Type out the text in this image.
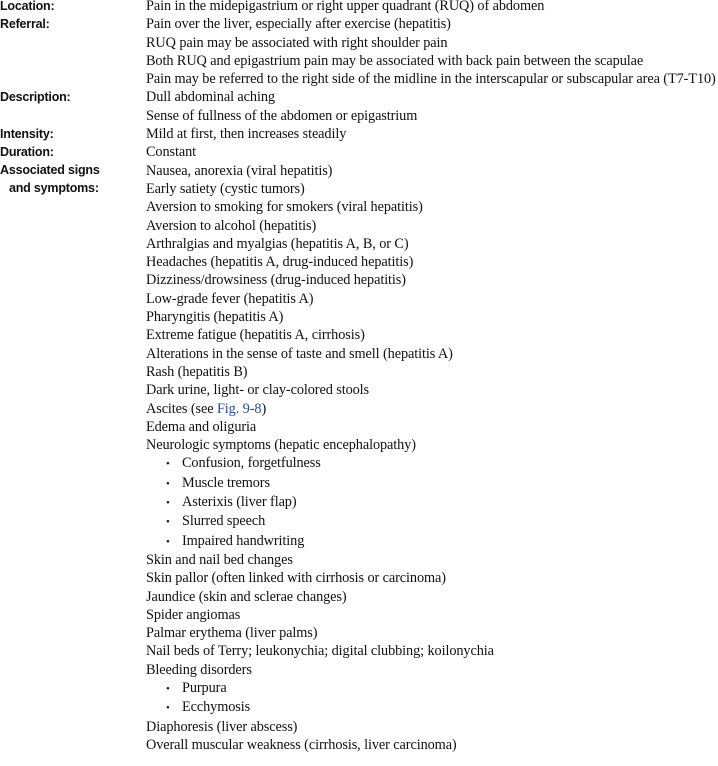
Location:	Pain in the midepigastrium or right upper quadrant (RUQ) of abdomen
Referral:	Pain over the liver, especially after exercise (hepatitis)
RUQ pain may be associated with right shoulder pain
Both RUQ and epigastrium pain may be associated with back pain between the scapulae
Pain may be referred to the right side of the midline in the interscapular or subscapular area (T7-T10)
Description:	Dull abdominal aching
Sense of fullness of the abdomen or epigastrium
Intensity:	Mild at first, then increases steadily
Duration:	Constant
Associated signs
and symptoms:
Nausea, anorexia (viral hepatitis)
Early satiety (cystic tumors)
Aversion to smoking for smokers (viral hepatitis)
Aversion to alcohol (hepatitis)
Arthralgias and myalgias (hepatitis A, B, or C)
Headaches (hepatitis A, drug-induced hepatitis)
Dizziness/drowsiness (drug-induced hepatitis)
Low-grade fever (hepatitis A)
Pharyngitis (hepatitis A)
Extreme fatigue (hepatitis A, cirrhosis)
Alterations in the sense of taste and smell (hepatitis A)
Rash (hepatitis B)
Dark urine, light- or clay-colored stools
Ascites (see Fig. 9-8)
Edema and oliguria
Neurologic symptoms (hepatic encephalopathy)
• Confusion, forgetfulness
• Muscle tremors
• Asterixis (liver flap)
• Slurred speech
• Impaired handwriting
Skin and nail bed changes
Skin pallor (often linked with cirrhosis or carcinoma)
Jaundice (skin and sclerae changes)
Spider angiomas
Palmar erythema (liver palms)
Nail beds of Terry; leukonychia; digital clubbing; koilonychia
Bleeding disorders
• Purpura
• Ecchymosis
Diaphoresis (liver abscess)
Overall muscular weakness (cirrhosis, liver carcinoma)
